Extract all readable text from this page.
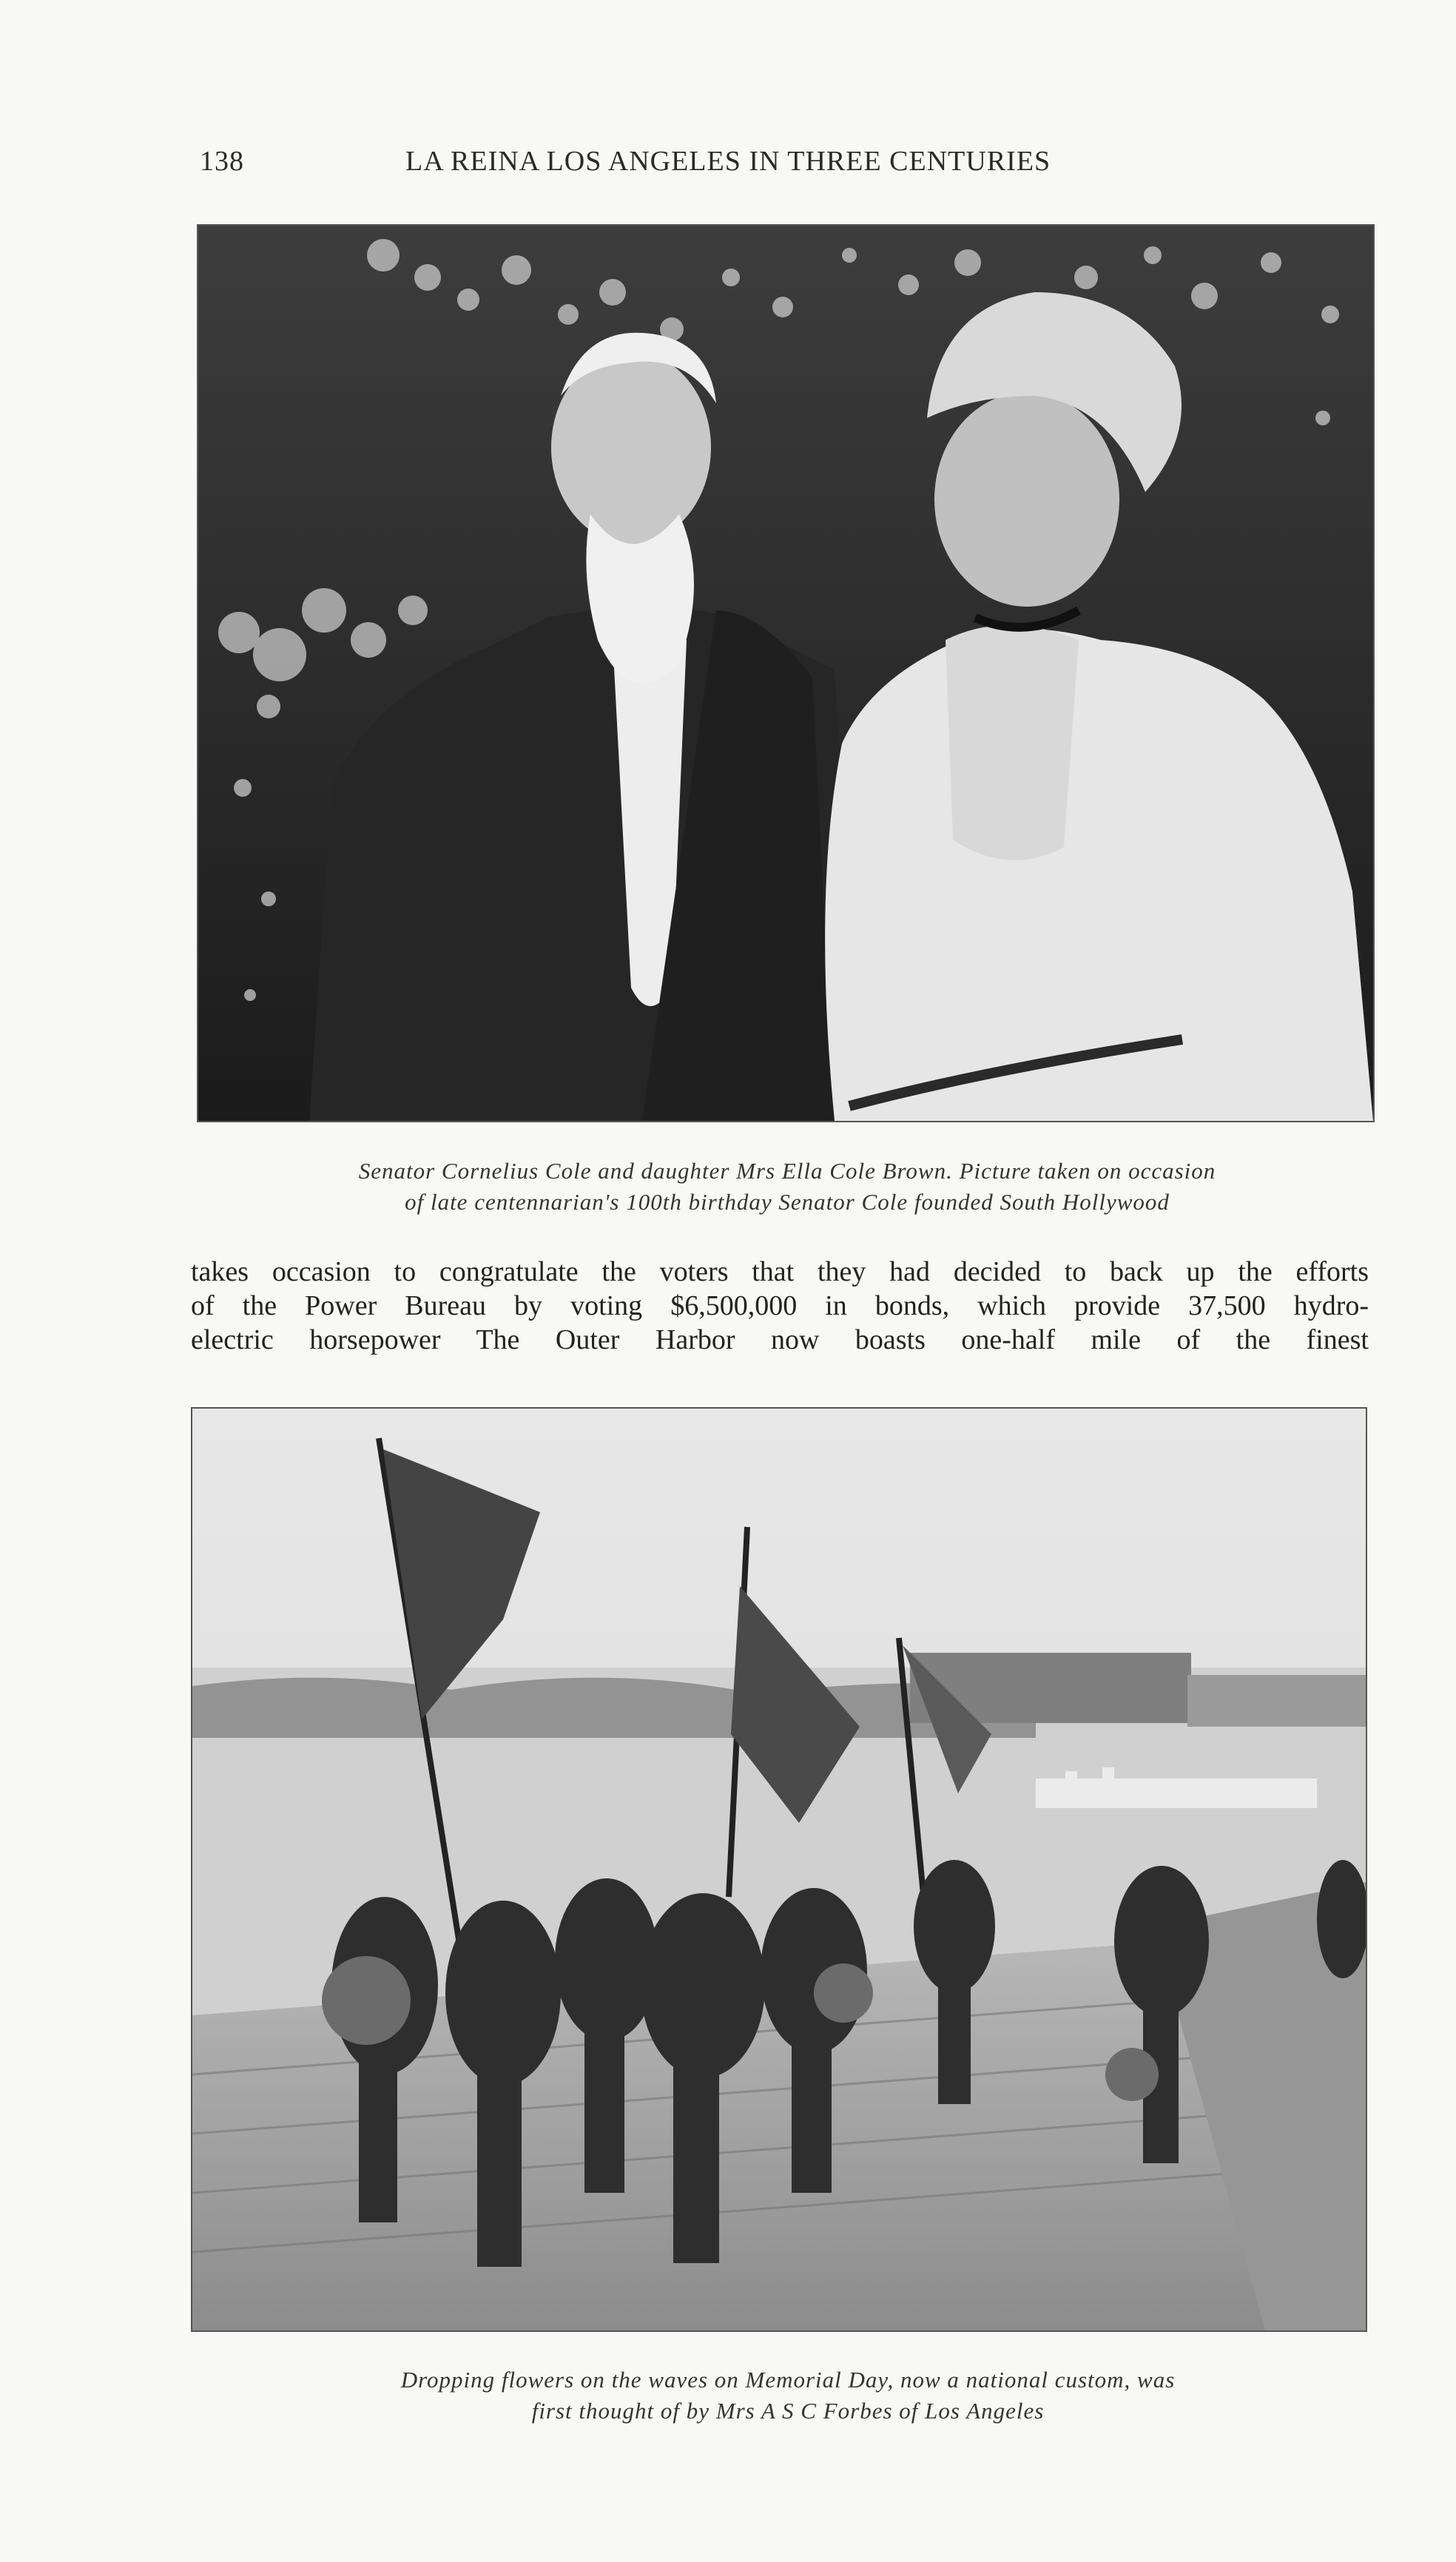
138	LA REINA LOS ANGELES IN THREE CENTURIES
Senator Cornelius Cole and daughter Mrs Ella Cole Brown. Picture taken on occasion
of late centennarian's 100th birthday Senator Cole founded South Hollywood
takes occasion to congratulate the voters that they had decided to back up the efforts
of the Power Bureau by voting $6,500,000 in bonds, which provide 37,500 hydro-
electric horsepower The Outer Harbor now boasts one-half mile of the finest
Dropping flowers on the waves on Memorial Day, now a national custom, was
first thought of by Mrs A S C Forbes of Los Angeles
